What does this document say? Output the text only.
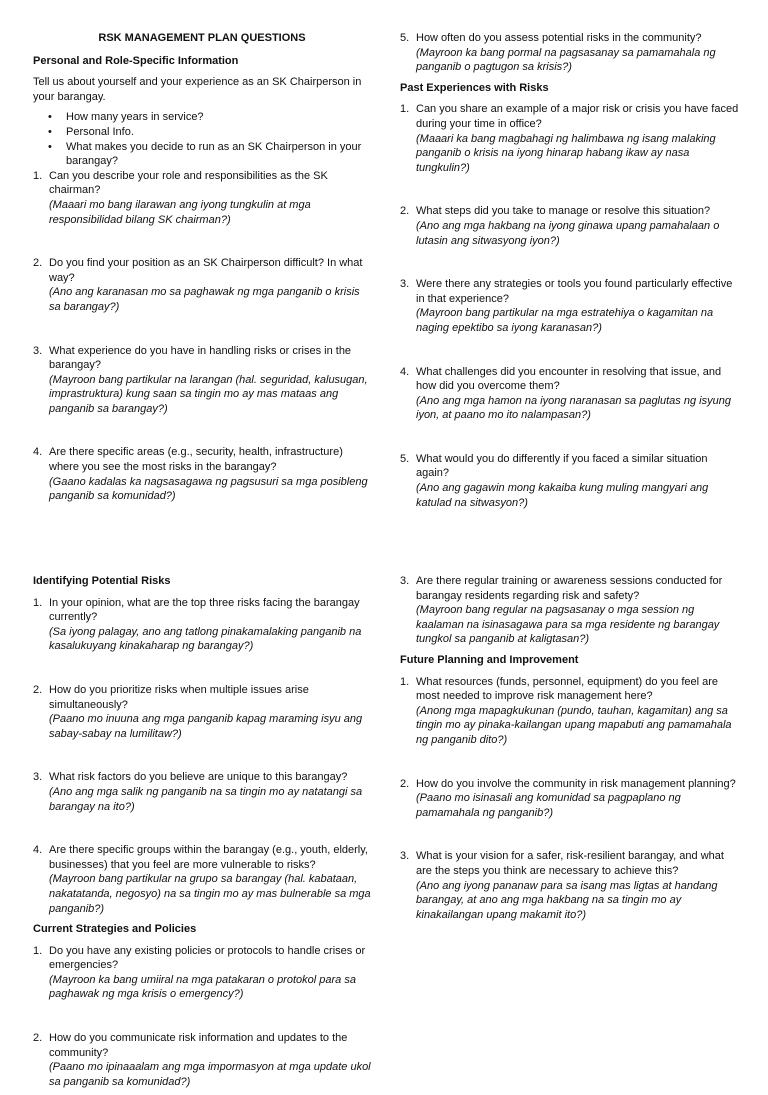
RSK MANAGEMENT PLAN QUESTIONS
Personal and Role-Specific Information

Tell us about yourself and your experience as an SK Chairperson in your barangay.

• How many years in service?
• Personal Info.
• What makes you decide to run as an SK Chairperson in your barangay?
1. Can you describe your role and responsibilities as the SK chairman?
(Maaari mo bang ilarawan ang iyong tungkulin at mga responsibilidad bilang SK chairman?)
2. Do you find your position as an SK Chairperson difficult? In what way?
(Ano ang karanasan mo sa paghawak ng mga panganib o krisis sa barangay?)
3. What experience do you have in handling risks or crises in the barangay?
(Mayroon bang partikular na larangan (hal. seguridad, kalusugan, imprastruktura) kung saan sa tingin mo ay mas mataas ang panganib sa barangay?)
4. Are there specific areas (e.g., security, health, infrastructure) where you see the most risks in the barangay?
(Gaano kadalas ka nagsasagawa ng pagsusuri sa mga posibleng panganib sa komunidad?)
5. How often do you assess potential risks in the community?
(Mayroon ka bang pormal na pagsasanay sa pamamahala ng panganib o pagtugon sa krisis?)
Past Experiences with Risks
1. Can you share an example of a major risk or crisis you have faced during your time in office?
(Maaari ka bang magbahagi ng halimbawa ng isang malaking panganib o krisis na iyong hinarap habang ikaw ay nasa tungkulin?)
2. What steps did you take to manage or resolve this situation?
(Ano ang mga hakbang na iyong ginawa upang pamahalaan o lutasin ang sitwasyong iyon?)
3. Were there any strategies or tools you found particularly effective in that experience?
(Mayroon bang partikular na mga estratehiya o kagamitan na naging epektibo sa iyong karanasan?)
4. What challenges did you encounter in resolving that issue, and how did you overcome them?
(Ano ang mga hamon na iyong naranasan sa paglutas ng isyung iyon, at paano mo ito nalampasan?)
5. What would you do differently if you faced a similar situation again?
(Ano ang gagawin mong kakaiba kung muling mangyari ang katulad na sitwasyon?)
Identifying Potential Risks
1. In your opinion, what are the top three risks facing the barangay currently?
(Sa iyong palagay, ano ang tatlong pinakamalaking panganib na kasalukuyang kinakaharap ng barangay?)
2. How do you prioritize risks when multiple issues arise simultaneously?
(Paano mo inuuna ang mga panganib kapag maraming isyu ang sabay-sabay na lumilitaw?)
3. What risk factors do you believe are unique to this barangay?
(Ano ang mga salik ng panganib na sa tingin mo ay natatangi sa barangay na ito?)
4. Are there specific groups within the barangay (e.g., youth, elderly, businesses) that you feel are more vulnerable to risks?
(Mayroon bang partikular na grupo sa barangay (hal. kabataan, nakatatanda, negosyo) na sa tingin mo ay mas bulnerable sa mga panganib?)
Current Strategies and Policies
1. Do you have any existing policies or protocols to handle crises or emergencies?
(Mayroon ka bang umiiral na mga patakaran o protokol para sa paghawak ng mga krisis o emergency?)
2. How do you communicate risk information and updates to the community?
(Paano mo ipinaaalam ang mga impormasyon at mga update ukol sa panganib sa komunidad?)
3. Are there regular training or awareness sessions conducted for barangay residents regarding risk and safety?
(Mayroon bang regular na pagsasanay o mga session ng kaalaman na isinasagawa para sa mga residente ng barangay tungkol sa panganib at kaligtasan?)
Future Planning and Improvement
1. What resources (funds, personnel, equipment) do you feel are most needed to improve risk management here?
(Anong mga mapagkukunan (pundo, tauhan, kagamitan) ang sa tingin mo ay pinaka-kailangan upang mapabuti ang pamamahala ng panganib dito?)
2. How do you involve the community in risk management planning?
(Paano mo isinasali ang komunidad sa pagpaplano ng pamamahala ng panganib?)
3. What is your vision for a safer, risk-resilient barangay, and what are the steps you think are necessary to achieve this?
(Ano ang iyong pananaw para sa isang mas ligtas at handang barangay, at ano ang mga hakbang na sa tingin mo ay kinakailangan upang makamit ito?)
